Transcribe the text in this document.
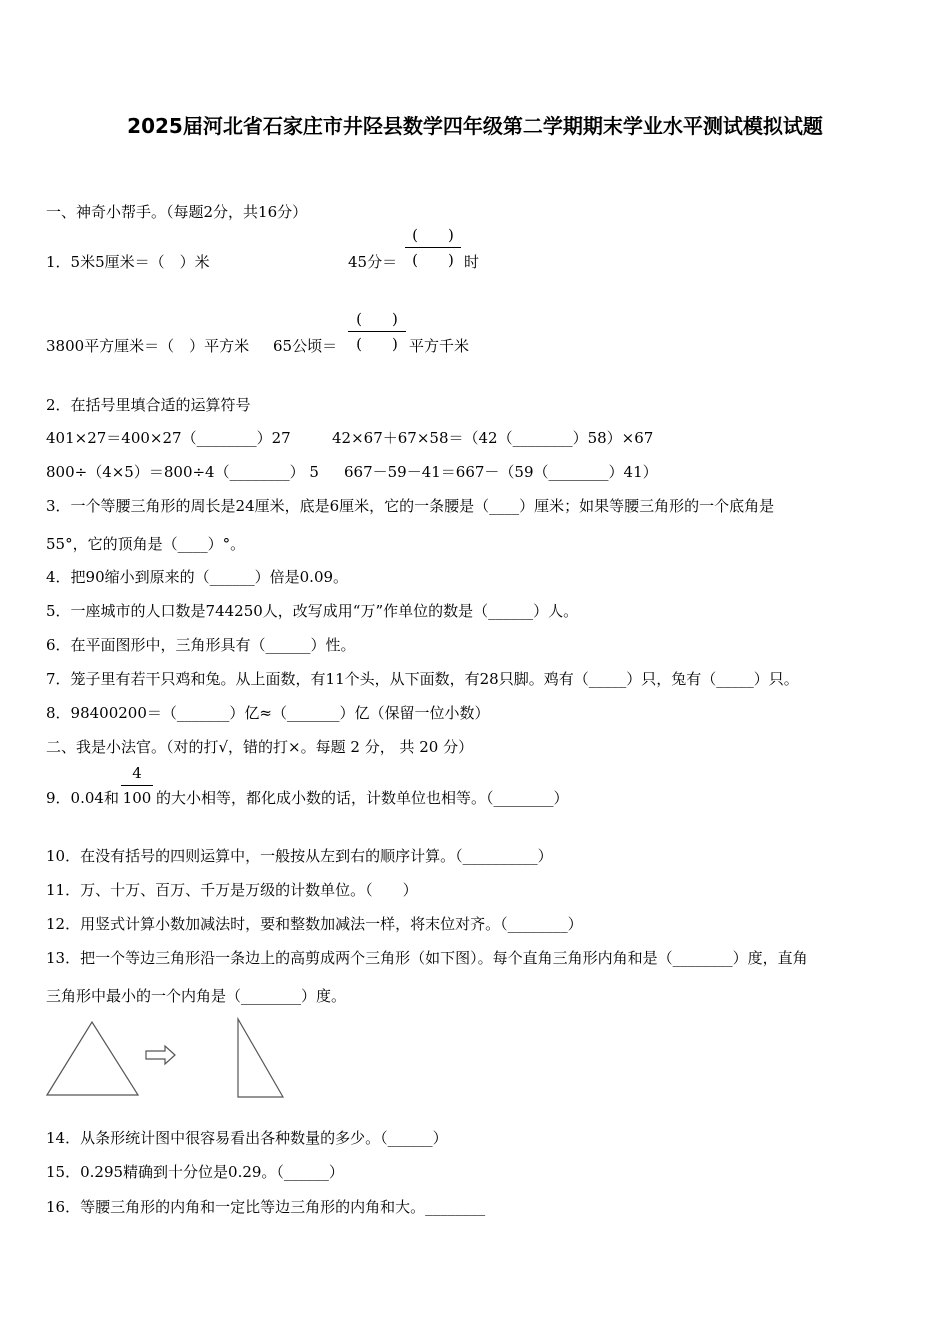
2025届河北省石家庄市井陉县数学四年级第二学期期末学业水平测试模拟试题
一、神奇小帮手。（每题2分，共16分）
1．5米5厘米＝（　）米	45分＝
(　　)
(　　) 时
3800平方厘米＝（　）平方米 65公顷＝
(　　)
(　　) 平方千米
2．在括号里填合适的运算符号
401×27＝400×27（________）27	42×67＋67×58＝（42（________）58）×67
800÷（4×5）＝800÷4（________） 5 667－59－41＝667－（59（________）41）
3．一个等腰三角形的周长是24厘米，底是6厘米，它的一条腰是（____）厘米；如果等腰三角形的一个底角是
55°，它的顶角是（____）°。
4．把90缩小到原来的（______）倍是0.09。
5．一座城市的人口数是744250人，改写成用“万”作单位的数是（______）人。
6．在平面图形中，三角形具有（______）性。
7．笼子里有若干只鸡和兔。从上面数，有11个头，从下面数，有28只脚。鸡有（_____）只，兔有（_____）只。
8．98400200＝（_______）亿≈（_______）亿（保留一位小数）
二、我是小法官。（对的打√，错的打×。每题 2 分， 共 20 分）
9．0.04和
4
100 的大小相等，都化成小数的话，计数单位也相等。（________）
10．在没有括号的四则运算中，一般按从左到右的顺序计算。（__________）
11．万、十万、百万、千万是万级的计数单位。（　　）
12．用竖式计算小数加减法时，要和整数加减法一样，将末位对齐。（________）
13．把一个等边三角形沿一条边上的高剪成两个三角形（如下图）。每个直角三角形内角和是（________）度，直角
三角形中最小的一个内角是（________）度。
14．从条形统计图中很容易看出各种数量的多少。（______）
15．0.295精确到十分位是0.29。（______）
16．等腰三角形的内角和一定比等边三角形的内角和大。________
